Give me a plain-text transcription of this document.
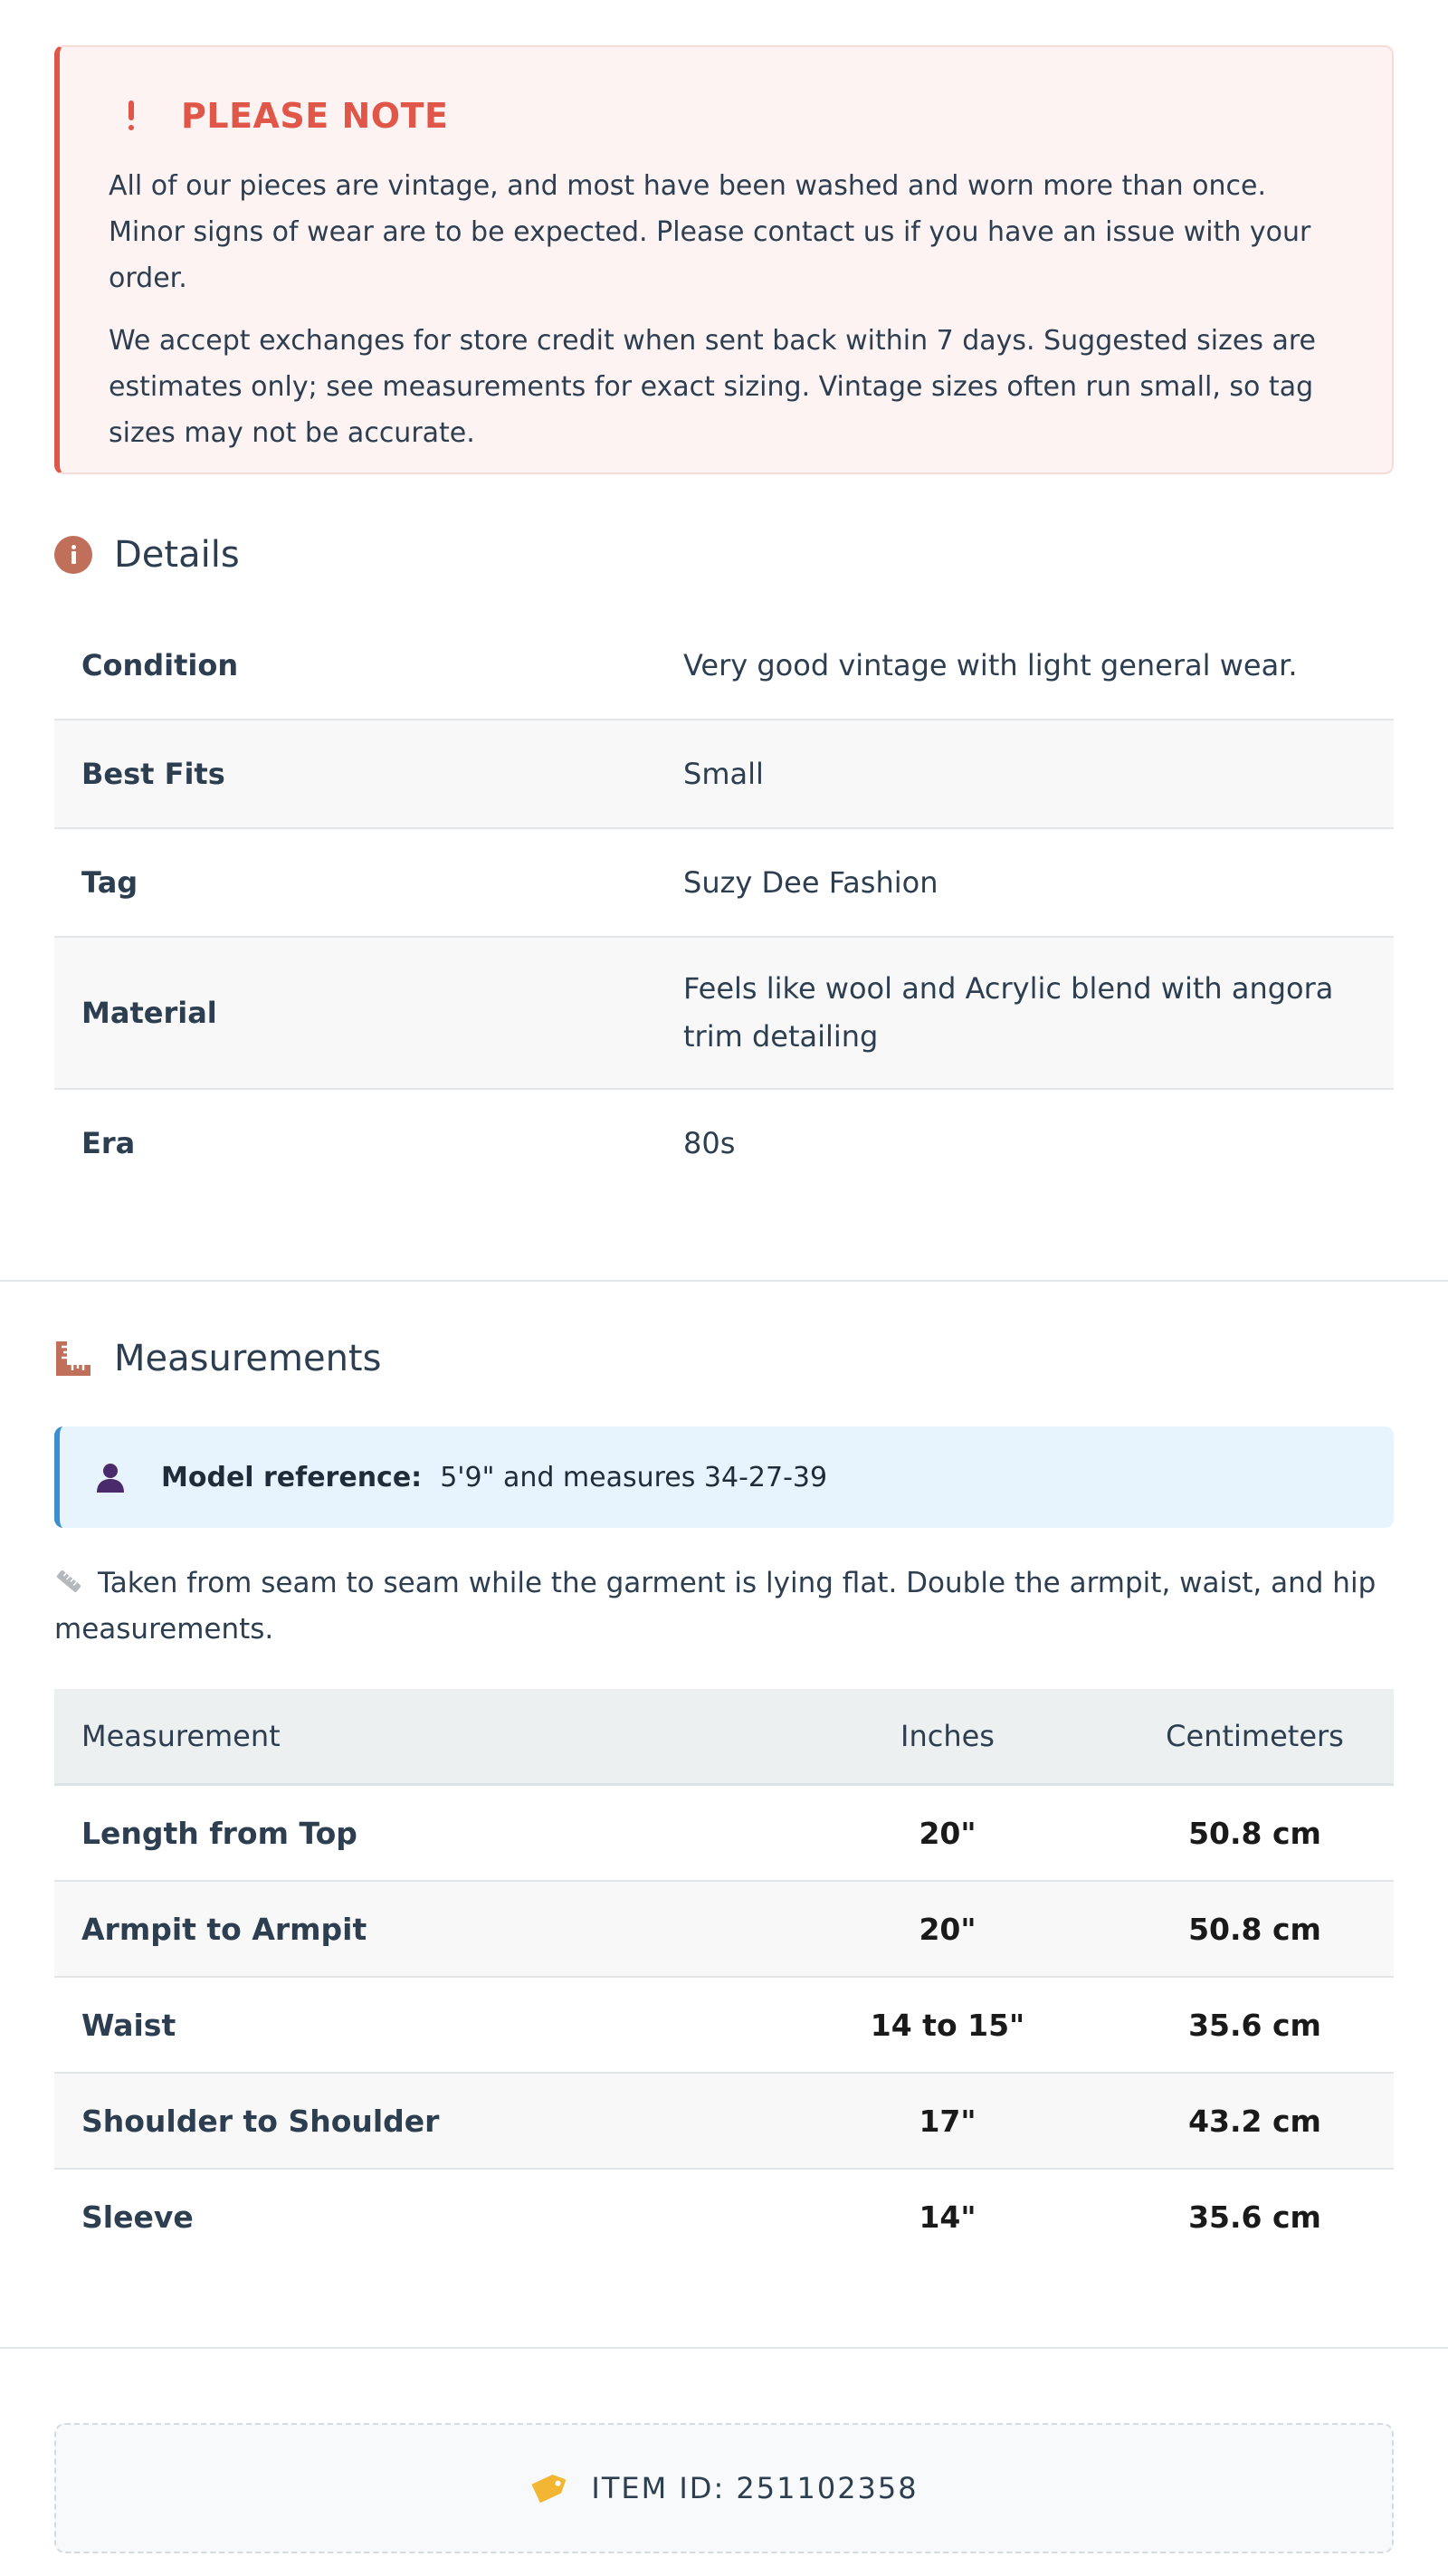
PLEASE NOTE

All of our pieces are vintage, and most have been washed and worn more than once. Minor signs of wear are to be expected. Please contact us if you have an issue with your order.

We accept exchanges for store credit when sent back within 7 days. Suggested sizes are estimates only; see measurements for exact sizing. Vintage sizes often run small, so tag sizes may not be accurate.

Details
Condition	Very good vintage with light general wear.
Best Fits	Small
Tag	Suzy Dee Fashion
Material	Feels like wool and Acrylic blend with angora trim detailing
Era	80s
Measurements
Model reference: 5'9" and measures 34-27-39
Taken from seam to seam while the garment is lying flat. Double the armpit, waist, and hip measurements.
Measurement	Inches	Centimeters
Length from Top	20"	50.8 cm
Armpit to Armpit	20"	50.8 cm
Waist	14 to 15"	35.6 cm
Shoulder to Shoulder	17"	43.2 cm
Sleeve	14"	35.6 cm
ITEM ID: 251102358
